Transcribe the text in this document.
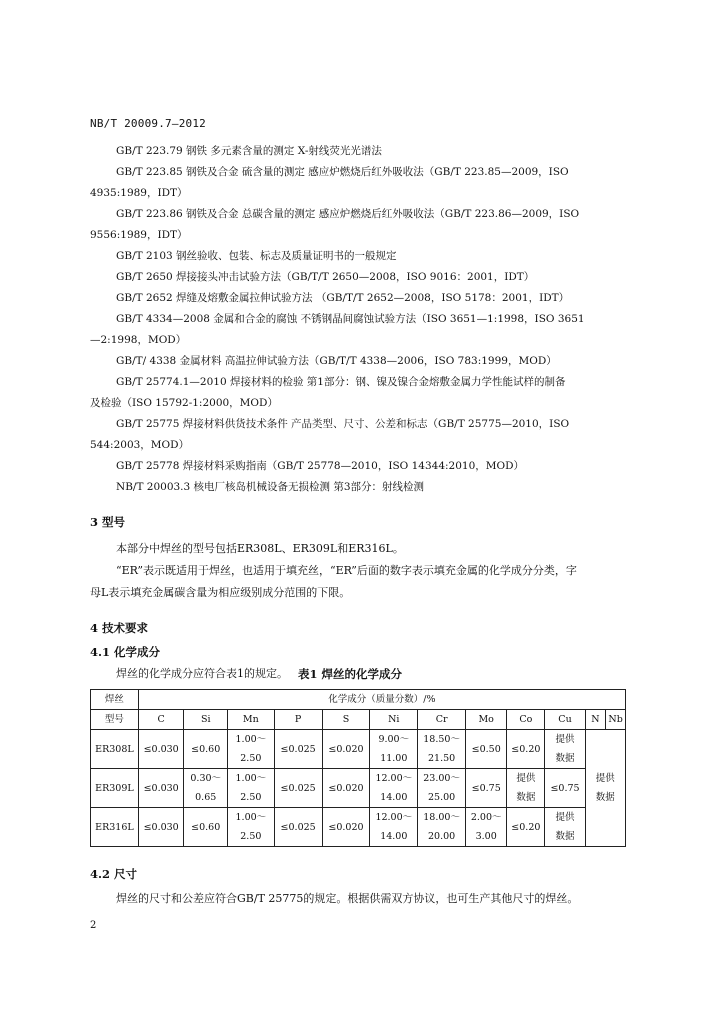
NB/T 20009.7—2012
GB/T 223.79 钢铁 多元素含量的测定 X-射线荧光光谱法
GB/T 223.85 钢铁及合金 硫含量的测定 感应炉燃烧后红外吸收法（GB/T 223.85—2009，ISO
4935:1989，IDT）
GB/T 223.86 钢铁及合金 总碳含量的测定 感应炉燃烧后红外吸收法（GB/T 223.86—2009，ISO
9556:1989，IDT）
GB/T 2103 钢丝验收、包装、标志及质量证明书的一般规定
GB/T 2650 焊接接头冲击试验方法（GB/T/T 2650—2008，ISO 9016：2001，IDT）
GB/T 2652 焊缝及熔敷金属拉伸试验方法 （GB/T/T 2652—2008，ISO 5178：2001，IDT）
GB/T 4334—2008 金属和合金的腐蚀 不锈钢晶间腐蚀试验方法（ISO 3651—1:1998，ISO 3651
—2:1998，MOD）
GB/T/ 4338 金属材料 高温拉伸试验方法（GB/T/T 4338—2006，ISO 783:1999，MOD）
GB/T 25774.1—2010 焊接材料的检验 第1部分：钢、镍及镍合金熔敷金属力学性能试样的制备
及检验（ISO 15792-1:2000，MOD）
GB/T 25775 焊接材料供货技术条件 产品类型、尺寸、公差和标志（GB/T 25775—2010，ISO
544:2003，MOD）
GB/T 25778 焊接材料采购指南（GB/T 25778—2010，ISO 14344:2010，MOD）
NB/T 20003.3 核电厂核岛机械设备无损检测 第3部分：射线检测
3 型号
本部分中焊丝的型号包括ER308L、ER309L和ER316L。
“ER”表示既适用于焊丝，也适用于填充丝，“ER”后面的数字表示填充金属的化学成分分类，字
母L表示填充金属碳含量为相应级别成分范围的下限。
4 技术要求
4.1 化学成分
焊丝的化学成分应符合表1的规定。 表1 焊丝的化学成分
焊丝	化学成分（质量分数）/%											
型号	C	Si	Mn	P	S	Ni	Cr	Mo	Co	Cu	N	Nb
ER308L	≤0.030	≤0.60	1.00～	≤0.025	≤0.020	9.00～	18.50～	≤0.50	≤0.20	提供	提供
数据	

			2.50			11.00	21.50			数据		
ER309L	≤0.030	0.30～	1.00～	≤0.025	≤0.020	12.00～	23.00～	≤0.75	提供	≤0.75		
		0.65	2.50			14.00	25.00		数据			
ER316L	≤0.030	≤0.60	1.00～	≤0.025	≤0.020	12.00～	18.00～	2.00～	≤0.20	提供		
			2.50			14.00	20.00	3.00		数据		
4.2 尺寸
焊丝的尺寸和公差应符合GB/T 25775的规定。根据供需双方协议，也可生产其他尺寸的焊丝。
2
